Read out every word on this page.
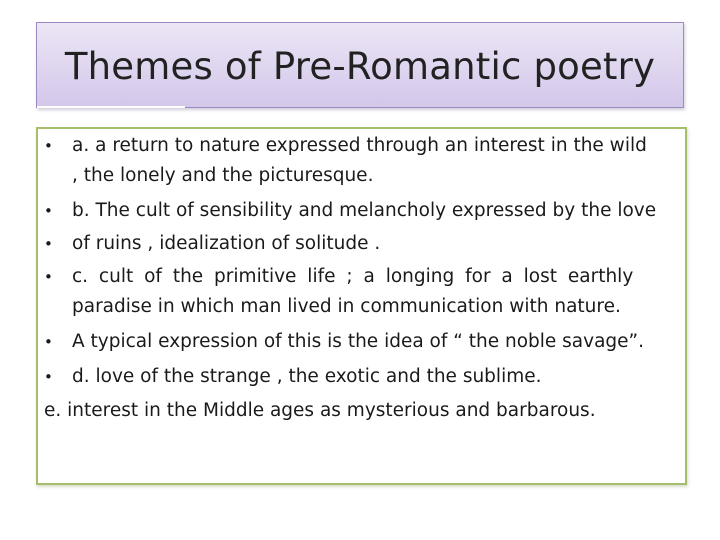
Themes of Pre-Romantic poetry
• a. a return to nature expressed through an interest in the wild
, the lonely and the picturesque.
• b. The cult of sensibility and melancholy expressed by the love
• of ruins , idealization of solitude .
• c. cult of the primitive life ; a longing for a lost earthly
paradise in which man lived in communication with nature.
• A typical expression of this is the idea of “ the noble savage”.
• d. love of the strange , the exotic and the sublime.
e. interest in the Middle ages as mysterious and barbarous.
